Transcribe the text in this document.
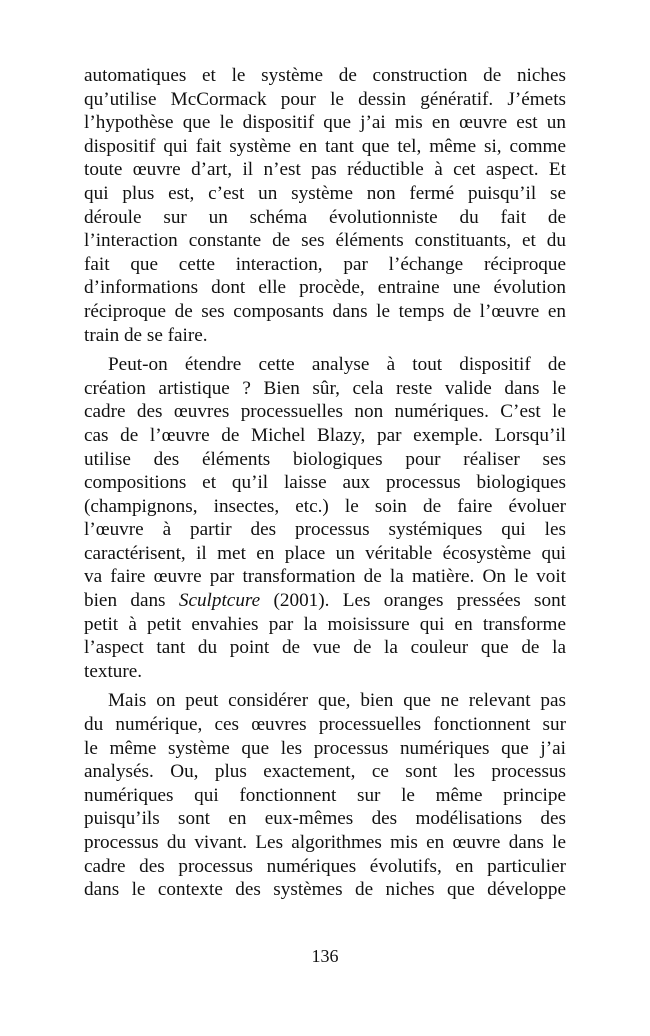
automatiques et le système de construction de niches
qu’utilise McCormack pour le dessin génératif. J’émets
l’hypothèse que le dispositif que j’ai mis en œuvre est un
dispositif qui fait système en tant que tel, même si, comme
toute œuvre d’art, il n’est pas réductible à cet aspect. Et
qui plus est, c’est un système non fermé puisqu’il se
déroule sur un schéma évolutionniste du fait de
l’interaction constante de ses éléments constituants, et du
fait que cette interaction, par l’échange réciproque
d’informations dont elle procède, entraine une évolution
réciproque de ses composants dans le temps de l’œuvre en
train de se faire.

Peut-on étendre cette analyse à tout dispositif de
création artistique ? Bien sûr, cela reste valide dans le
cadre des œuvres processuelles non numériques. C’est le
cas de l’œuvre de Michel Blazy, par exemple. Lorsqu’il
utilise des éléments biologiques pour réaliser ses
compositions et qu’il laisse aux processus biologiques
(champignons, insectes, etc.) le soin de faire évoluer
l’œuvre à partir des processus systémiques qui les
caractérisent, il met en place un véritable écosystème qui
va faire œuvre par transformation de la matière. On le voit
bien dans Sculptcure (2001). Les oranges pressées sont
petit à petit envahies par la moisissure qui en transforme
l’aspect tant du point de vue de la couleur que de la
texture.

Mais on peut considérer que, bien que ne relevant pas
du numérique, ces œuvres processuelles fonctionnent sur
le même système que les processus numériques que j’ai
analysés. Ou, plus exactement, ce sont les processus
numériques qui fonctionnent sur le même principe
puisqu’ils sont en eux-mêmes des modélisations des
processus du vivant. Les algorithmes mis en œuvre dans le
cadre des processus numériques évolutifs, en particulier
dans le contexte des systèmes de niches que développe

136
